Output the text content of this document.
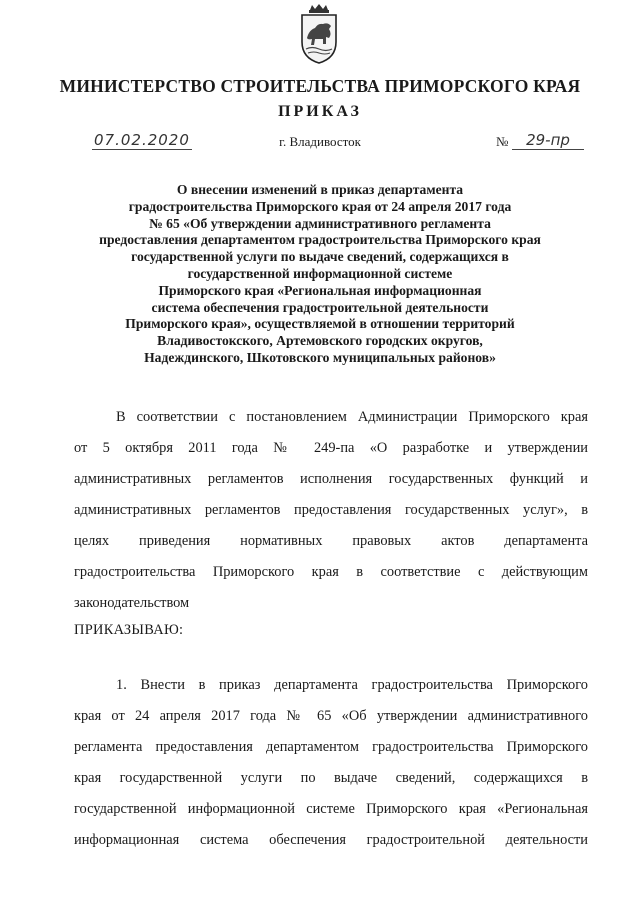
МИНИСТЕРСТВО СТРОИТЕЛЬСТВА ПРИМОРСКОГО КРАЯ
ПРИКАЗ
07.02.2020	г. Владивосток	№	29-пр
О внесении изменений в приказ департамента
градостроительства Приморского края от 24 апреля 2017 года
№ 65 «Об утверждении административного регламента
предоставления департаментом градостроительства Приморского края
государственной услуги по выдаче сведений, содержащихся в
государственной информационной системе
Приморского края «Региональная информационная
система обеспечения градостроительной деятельности
Приморского края», осуществляемой в отношении территорий
Владивостокского, Артемовского городских округов,
Надеждинского, Шкотовского муниципальных районов»
В соответствии с постановлением Администрации Приморского края
от 5 октября 2011 года № 249-па «О разработке и утверждении
административных регламентов исполнения государственных функций и
административных регламентов предоставления государственных услуг», в
целях приведения нормативных правовых актов департамента
градостроительства Приморского края в соответствие с действующим
законодательством
ПРИКАЗЫВАЮ:
1. Внести в приказ департамента градостроительства Приморского
края от 24 апреля 2017 года № 65 «Об утверждении административного
регламента предоставления департаментом градостроительства Приморского
края государственной услуги по выдаче сведений, содержащихся в
государственной информационной системе Приморского края «Региональная
информационная система обеспечения градостроительной деятельности
